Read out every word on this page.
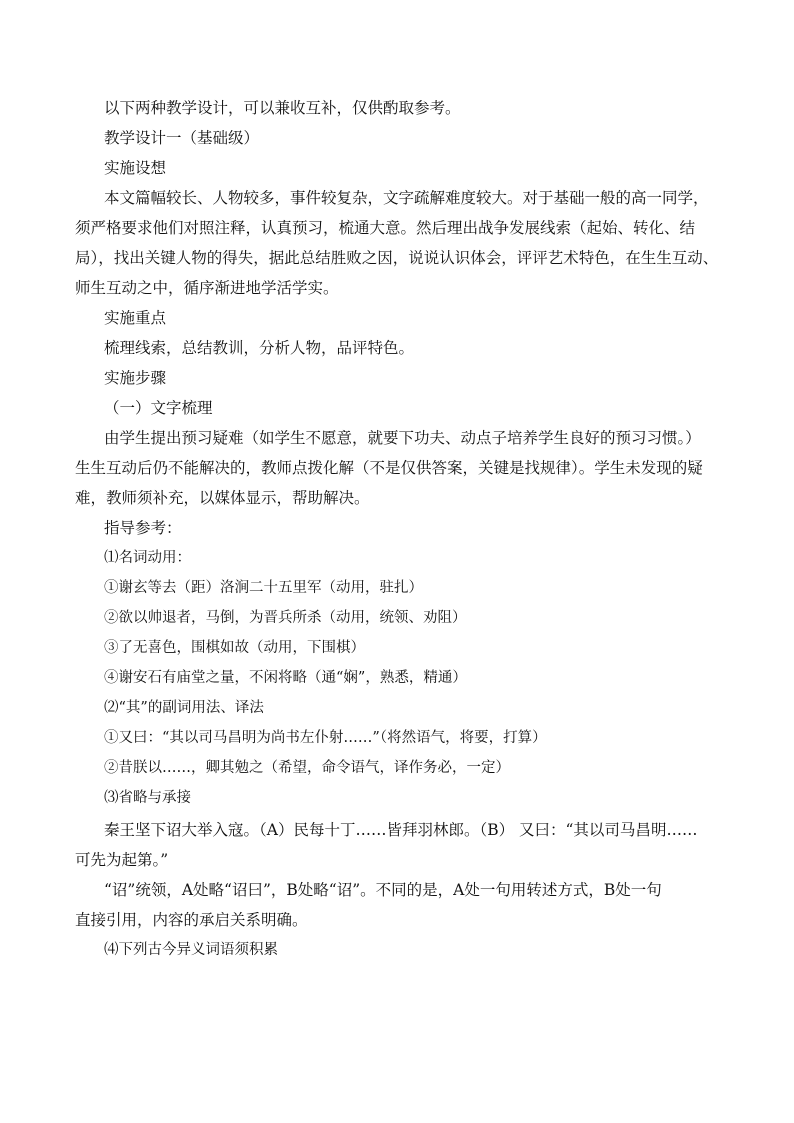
以下两种教学设计，可以兼收互补，仅供酌取参考。
教学设计一（基础级）
实施设想
本文篇幅较长、人物较多，事件较复杂，文字疏解难度较大。对于基础一般的高一同学，
须严格要求他们对照注释，认真预习，梳通大意。然后理出战争发展线索（起始、转化、结
局），找出关键人物的得失，据此总结胜败之因，说说认识体会，评评艺术特色，在生生互动、
师生互动之中，循序渐进地学活学实。
实施重点
梳理线索，总结教训，分析人物，品评特色。
实施步骤
（一）文字梳理
由学生提出预习疑难（如学生不愿意，就要下功夫、动点子培养学生良好的预习习惯。）
生生互动后仍不能解决的，教师点拨化解（不是仅供答案，关键是找规律）。学生未发现的疑
难，教师须补充，以媒体显示，帮助解决。
指导参考：
⑴名词动用：
①谢玄等去（距）洛涧二十五里军（动用，驻扎）
②欲以帅退者，马倒，为晋兵所杀（动用，统领、劝阻）
③了无喜色，围棋如故（动用，下围棋）
④谢安石有庙堂之量，不闲将略（通“娴”，熟悉，精通）
⑵“其”的副词用法、译法
①又曰：“其以司马昌明为尚书左仆射……”（将然语气，将要，打算）
②昔朕以……，卿其勉之（希望，命令语气，译作务必，一定）
⑶省略与承接
秦王坚下诏大举入寇。（A）民每十丁……皆拜羽林郎。（B） 又曰：“其以司马昌明……
可先为起第。”
“诏”统领，A处略“诏曰”，B处略“诏”。不同的是，A处一句用转述方式，B处一句
直接引用，内容的承启关系明确。
⑷下列古今异义词语须积累
